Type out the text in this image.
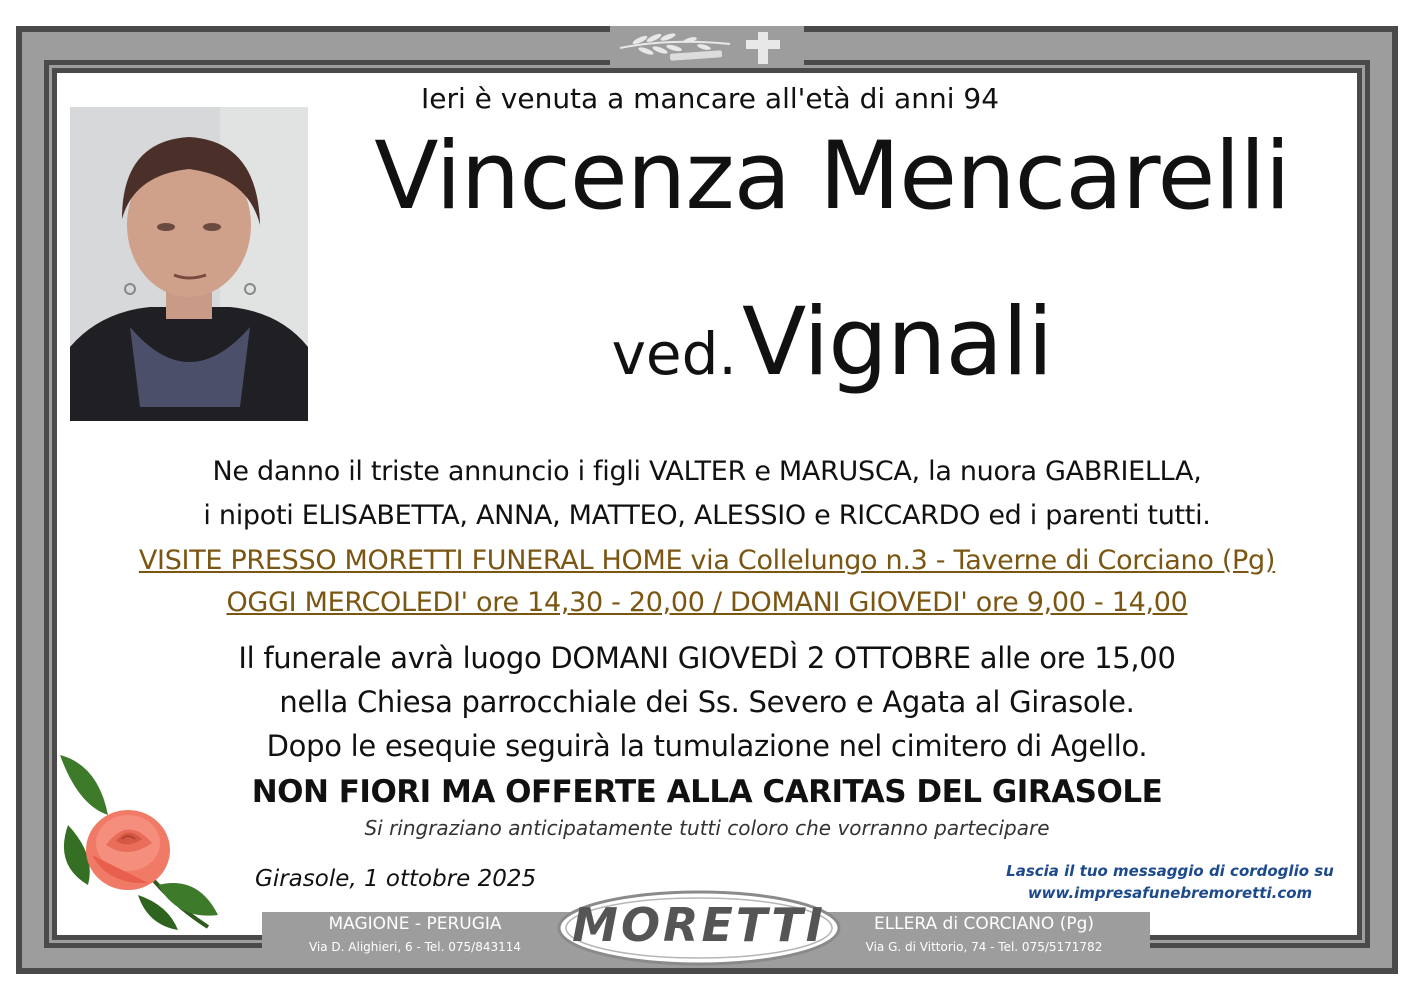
Ieri è venuta a mancare all'età di anni 94
Vincenza Mencarelli
ved. Vignali
Ne danno il triste annuncio i figli VALTER e MARUSCA, la nuora GABRIELLA,
i nipoti ELISABETTA, ANNA, MATTEO, ALESSIO e RICCARDO ed i parenti tutti.
VISITE PRESSO MORETTI FUNERAL HOME via Collelungo n.3 - Taverne di Corciano (Pg)
OGGI MERCOLEDI' ore 14,30 - 20,00 / DOMANI GIOVEDI' ore 9,00 - 14,00
Il funerale avrà luogo DOMANI GIOVEDÌ 2 OTTOBRE alle ore 15,00
nella Chiesa parrocchiale dei Ss. Severo e Agata al Girasole.
Dopo le esequie seguirà la tumulazione nel cimitero di Agello.
NON FIORI MA OFFERTE ALLA CARITAS DEL GIRASOLE
Si ringraziano anticipatamente tutti coloro che vorranno partecipare
Girasole, 1 ottobre 2025	Lascia il tuo messaggio di cordoglio su
www.impresafunebremoretti.com
MAGIONE - PERUGIA
Via D. Alighieri, 6 - Tel. 075/843114	MORETTI	ELLERA di CORCIANO (Pg)
Via G. di Vittorio, 74 - Tel. 075/5171782
